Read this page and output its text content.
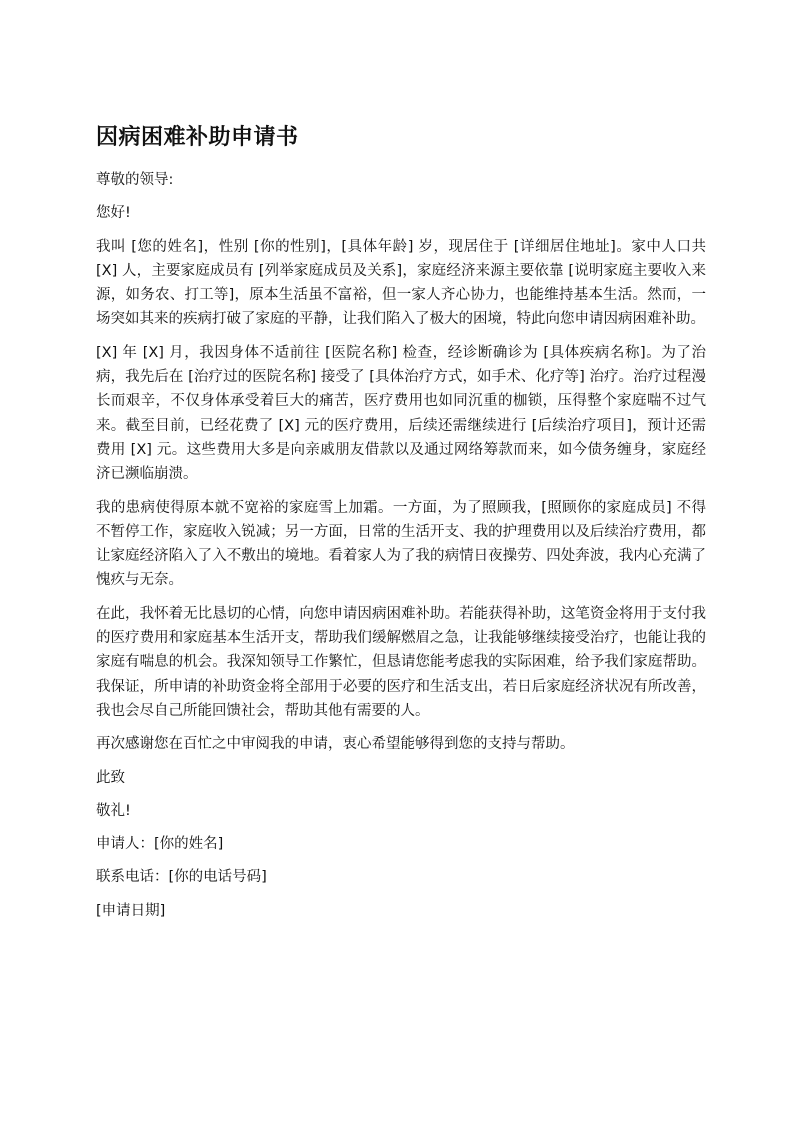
因病困难补助申请书

尊敬的领导:

您好!

我叫 [您的姓名]，性别 [你的性别]，[具体年龄] 岁，现居住于 [详细居住地址]。家中人口共 [X] 人，主要家庭成员有 [列举家庭成员及关系]，家庭经济来源主要依靠 [说明家庭主要收入来源，如务农、打工等]，原本生活虽不富裕，但一家人齐心协力，也能维持基本生活。然而，一场突如其来的疾病打破了家庭的平静，让我们陷入了极大的困境，特此向您申请因病困难补助。

[X] 年 [X] 月，我因身体不适前往 [医院名称] 检查，经诊断确诊为 [具体疾病名称]。为了治病，我先后在 [治疗过的医院名称] 接受了 [具体治疗方式，如手术、化疗等] 治疗。治疗过程漫长而艰辛，不仅身体承受着巨大的痛苦，医疗费用也如同沉重的枷锁，压得整个家庭喘不过气来。截至目前，已经花费了 [X] 元的医疗费用，后续还需继续进行 [后续治疗项目]，预计还需费用 [X] 元。这些费用大多是向亲戚朋友借款以及通过网络筹款而来，如今债务缠身，家庭经济已濒临崩溃。

我的患病使得原本就不宽裕的家庭雪上加霜。一方面，为了照顾我，[照顾你的家庭成员] 不得不暂停工作，家庭收入锐减；另一方面，日常的生活开支、我的护理费用以及后续治疗费用，都让家庭经济陷入了入不敷出的境地。看着家人为了我的病情日夜操劳、四处奔波，我内心充满了愧疚与无奈。

在此，我怀着无比恳切的心情，向您申请因病困难补助。若能获得补助，这笔资金将用于支付我的医疗费用和家庭基本生活开支，帮助我们缓解燃眉之急，让我能够继续接受治疗，也能让我的家庭有喘息的机会。我深知领导工作繁忙，但恳请您能考虑我的实际困难，给予我们家庭帮助。我保证，所申请的补助资金将全部用于必要的医疗和生活支出，若日后家庭经济状况有所改善，我也会尽自己所能回馈社会，帮助其他有需要的人。

再次感谢您在百忙之中审阅我的申请，衷心希望能够得到您的支持与帮助。

此致

敬礼!

申请人：[你的姓名]

联系电话：[你的电话号码]

[申请日期]
